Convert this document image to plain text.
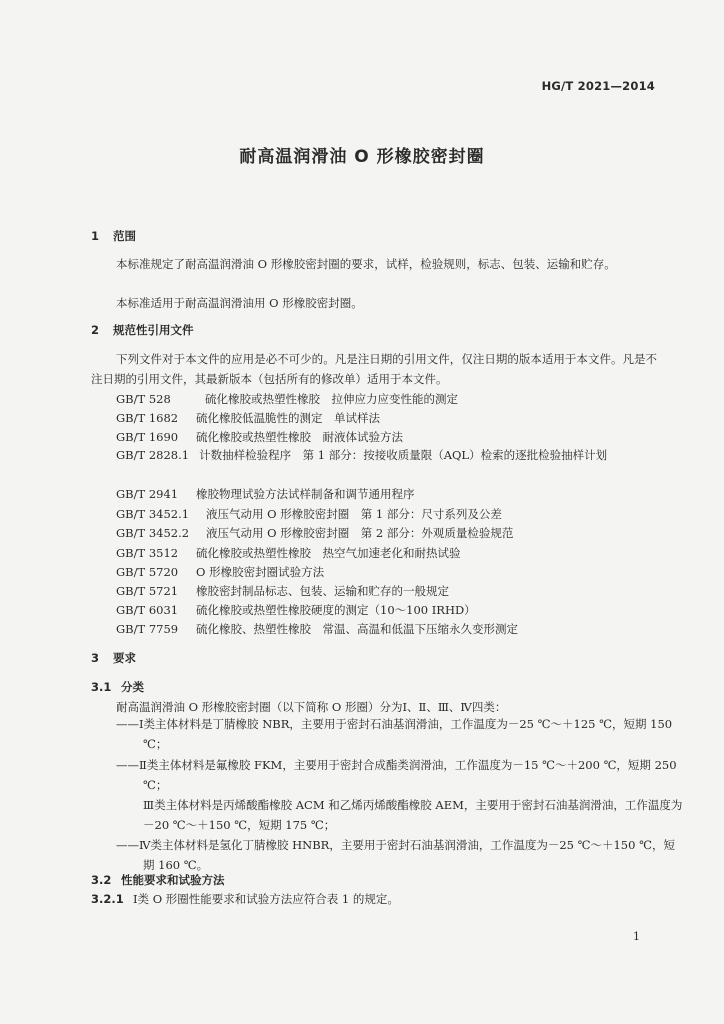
HG/T 2021—2014
耐高温润滑油 O 形橡胶密封圈
1 范围
本标准规定了耐高温润滑油 O 形橡胶密封圈的要求，试样，检验规则，标志、包装、运输和贮存。
本标准适用于耐高温润滑油用 O 形橡胶密封圈。
2 规范性引用文件
下列文件对于本文件的应用是必不可少的。凡是注日期的引用文件，仅注日期的版本适用于本文件。凡是不注日期的引用文件，其最新版本（包括所有的修改单）适用于本文件。
GB/T 528	硫化橡胶或热塑性橡胶　拉伸应力应变性能的测定
GB/T 1682 硫化橡胶低温脆性的测定　单试样法
GB/T 1690 硫化橡胶或热塑性橡胶　耐液体试验方法
GB/T 2828.1 计数抽样检验程序　第 1 部分：按接收质量限（AQL）检索的逐批检验抽样计划
GB/T 2941 橡胶物理试验方法试样制备和调节通用程序
GB/T 3452.1 液压气动用 O 形橡胶密封圈　第 1 部分：尺寸系列及公差
GB/T 3452.2 液压气动用 O 形橡胶密封圈　第 2 部分：外观质量检验规范
GB/T 3512 硫化橡胶或热塑性橡胶　热空气加速老化和耐热试验
GB/T 5720 O 形橡胶密封圈试验方法
GB/T 5721 橡胶密封制品标志、包装、运输和贮存的一般规定
GB/T 6031 硫化橡胶或热塑性橡胶硬度的测定（10～100 IRHD）
GB/T 7759 硫化橡胶、热塑性橡胶　常温、高温和低温下压缩永久变形测定
3 要求
3.1 分类
耐高温润滑油 O 形橡胶密封圈（以下简称 O 形圈）分为Ⅰ、Ⅱ、Ⅲ、Ⅳ四类：
——Ⅰ类主体材料是丁腈橡胶 NBR，主要用于密封石油基润滑油，工作温度为－25 ℃～＋125 ℃，短期 150 ℃；
——Ⅱ类主体材料是氟橡胶 FKM，主要用于密封合成酯类润滑油，工作温度为－15 ℃～＋200 ℃，短期 250 ℃；
Ⅲ类主体材料是丙烯酸酯橡胶 ACM 和乙烯丙烯酸酯橡胶 AEM，主要用于密封石油基润滑油，工作温度为－20 ℃～＋150 ℃，短期 175 ℃；
——Ⅳ类主体材料是氢化丁腈橡胶 HNBR，主要用于密封石油基润滑油，工作温度为－25 ℃～＋150 ℃，短期 160 ℃。
3.2 性能要求和试验方法
3.2.1 Ⅰ类 O 形圈性能要求和试验方法应符合表 1 的规定。
1
